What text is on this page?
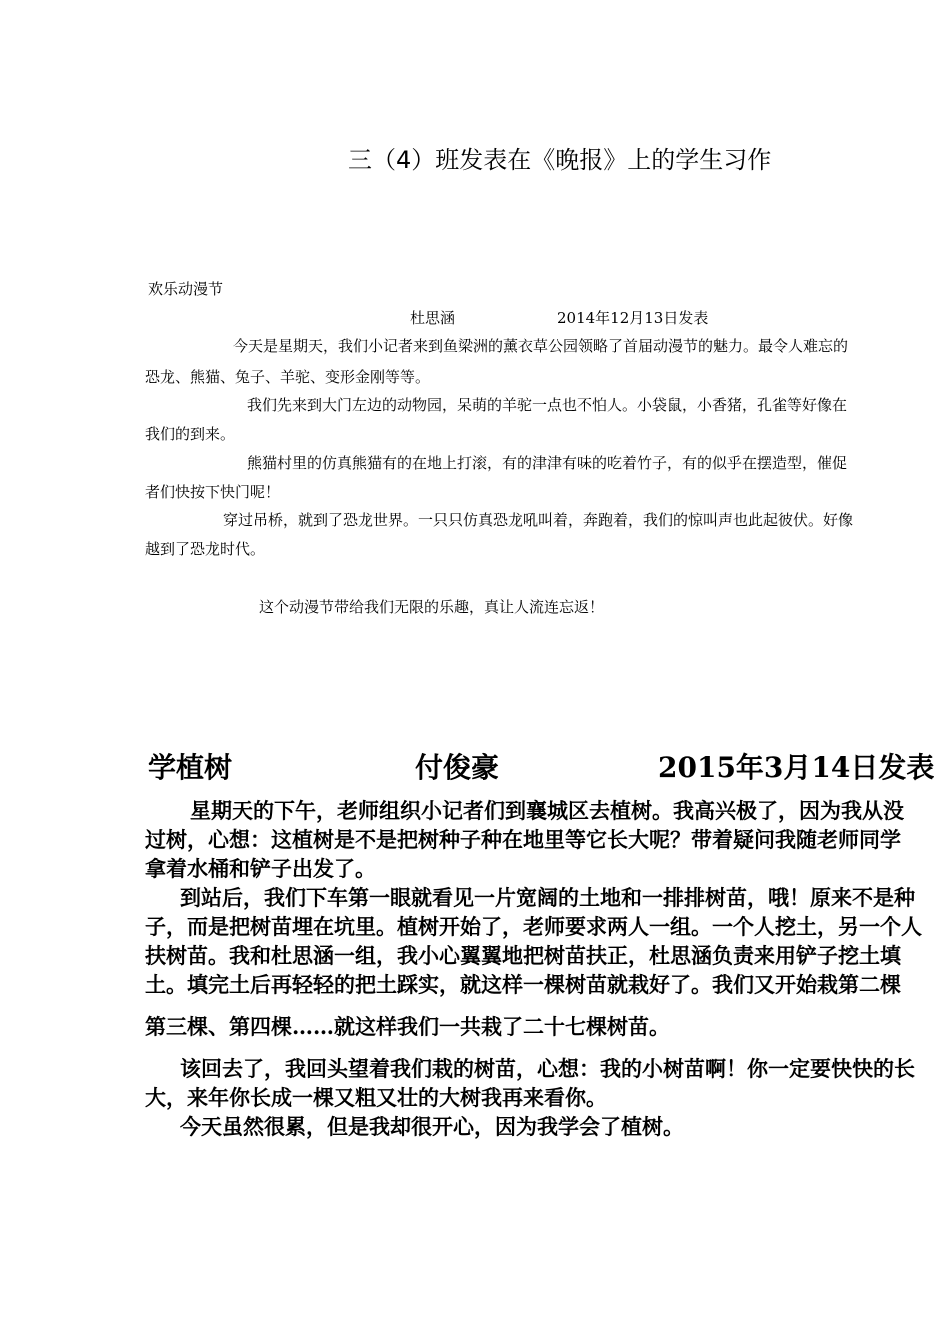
三（4）班发表在《晚报》上的学生习作
欢乐动漫节
杜思涵	2014年12月13日发表
今天是星期天，我们小记者来到鱼梁洲的薰衣草公园领略了首届动漫节的魅力。最令人难忘的
恐龙、熊猫、兔子、羊驼、变形金刚等等。
我们先来到大门左边的动物园，呆萌的羊驼一点也不怕人。小袋鼠，小香猪，孔雀等好像在
我们的到来。
熊猫村里的仿真熊猫有的在地上打滚，有的津津有味的吃着竹子，有的似乎在摆造型，催促
者们快按下快门呢！
穿过吊桥，就到了恐龙世界。一只只仿真恐龙吼叫着，奔跑着，我们的惊叫声也此起彼伏。好像
越到了恐龙时代。
这个动漫节带给我们无限的乐趣，真让人流连忘返！
学植树	付俊豪	2015年3月14日发表
星期天的下午，老师组织小记者们到襄城区去植树。我高兴极了，因为我从没
过树，心想：这植树是不是把树种子种在地里等它长大呢？带着疑问我随老师同学
拿着水桶和铲子出发了。
到站后，我们下车第一眼就看见一片宽阔的土地和一排排树苗，哦！原来不是种
子，而是把树苗埋在坑里。植树开始了，老师要求两人一组。一个人挖土，另一个人
扶树苗。我和杜思涵一组，我小心翼翼地把树苗扶正，杜思涵负责来用铲子挖土填
土。填完土后再轻轻的把土踩实，就这样一棵树苗就栽好了。我们又开始栽第二棵
第三棵、第四棵……就这样我们一共栽了二十七棵树苗。
该回去了，我回头望着我们栽的树苗，心想：我的小树苗啊！你一定要快快的长
大，来年你长成一棵又粗又壮的大树我再来看你。
今天虽然很累，但是我却很开心，因为我学会了植树。
